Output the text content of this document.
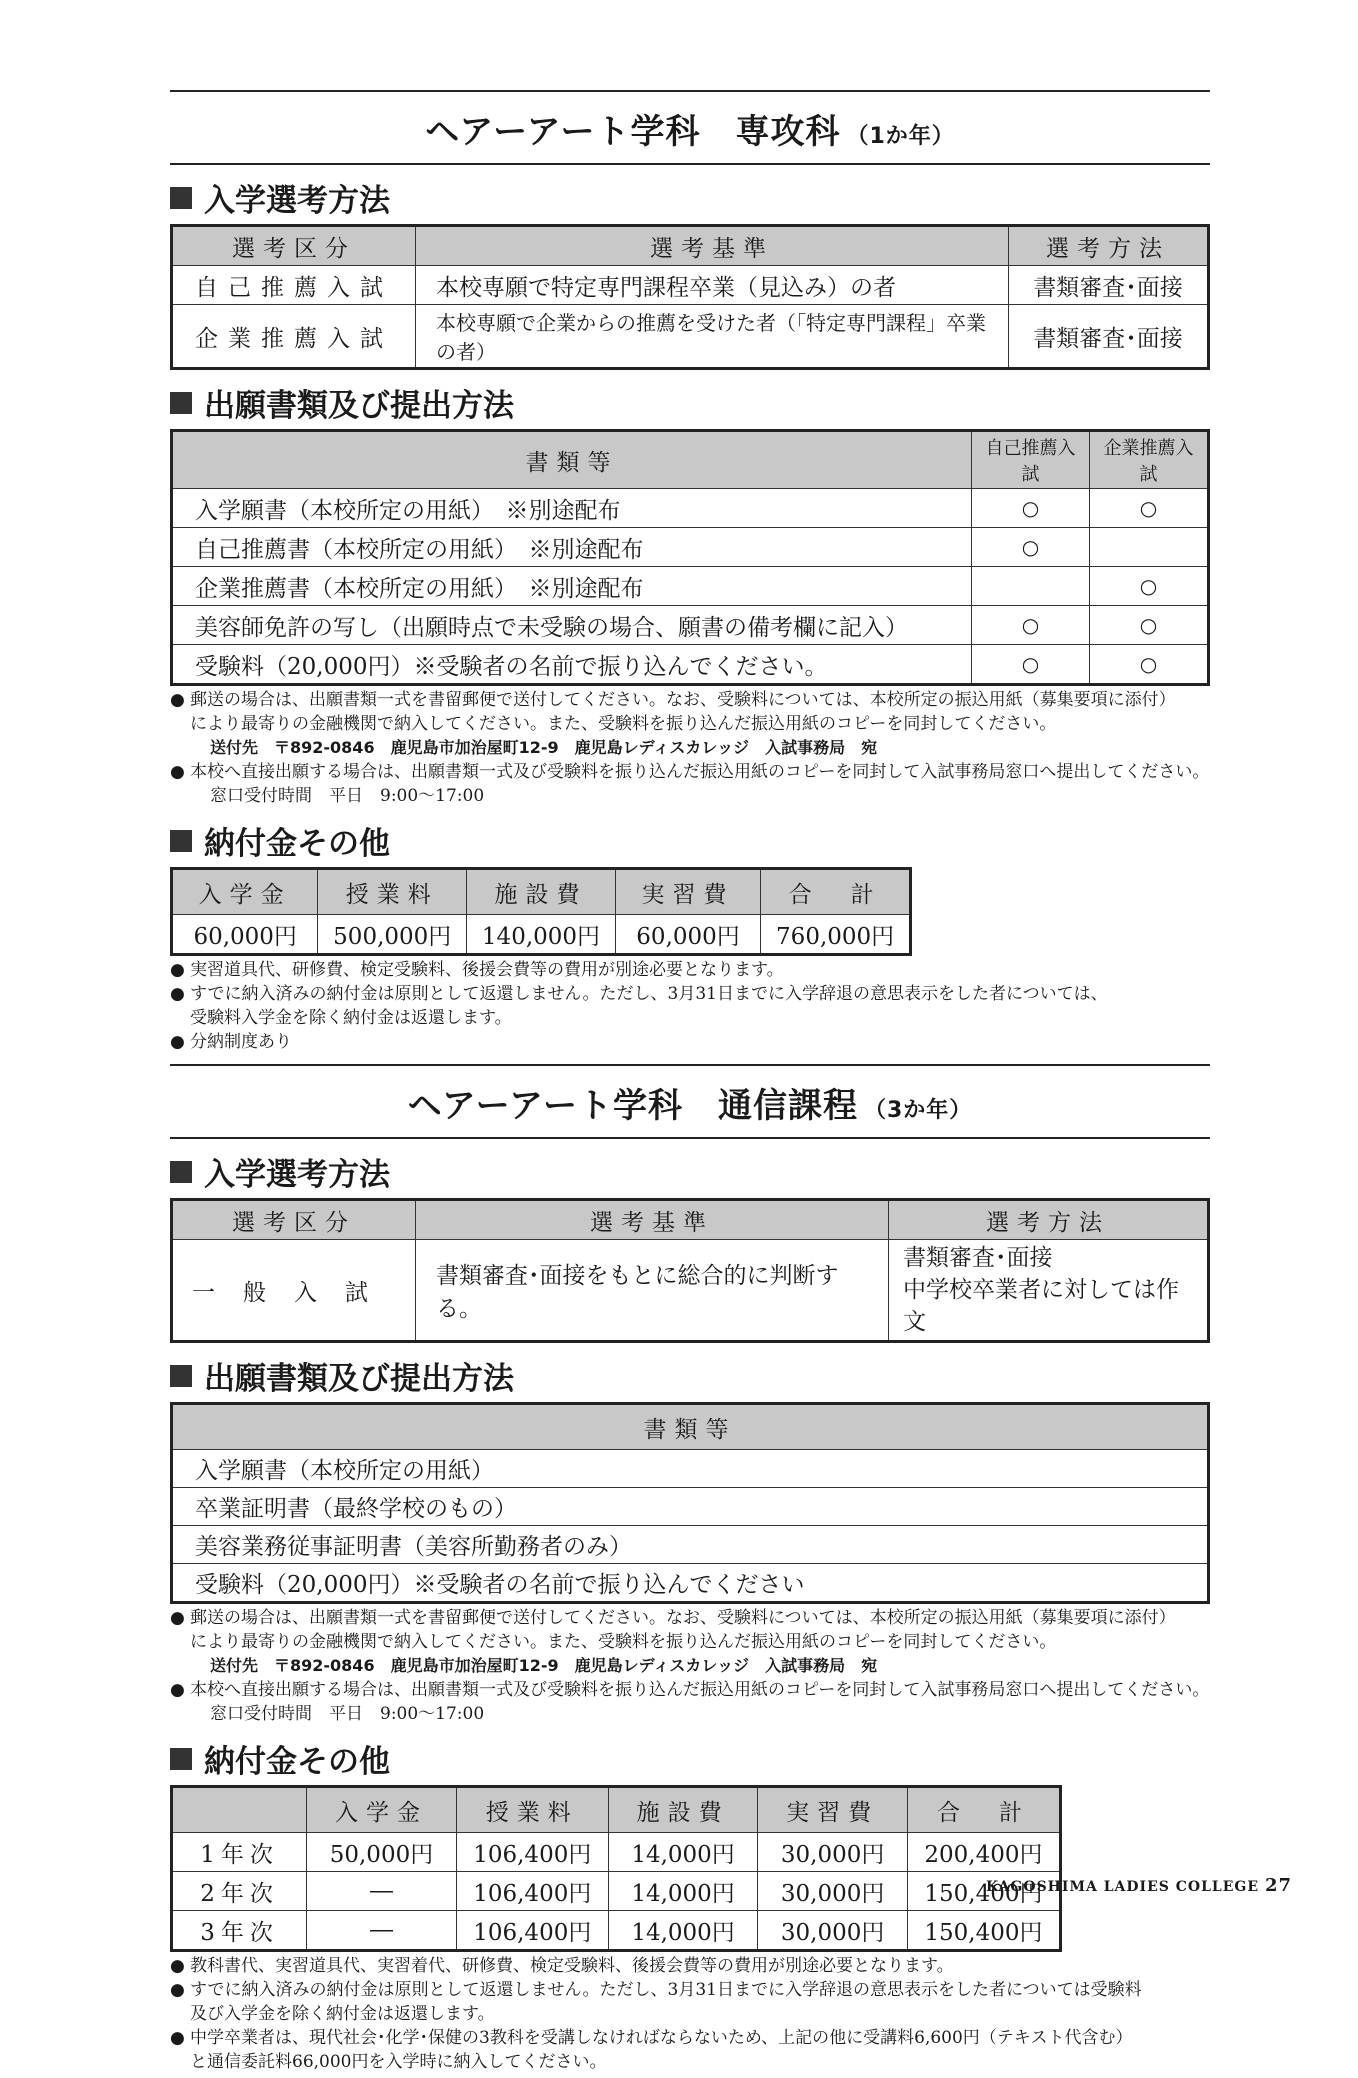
ヘアーアート学科　専攻科 （1か年）
入学選考方法
選考区分	選考基準	選考方法
自己推薦入試	本校専願で特定専門課程卒業（見込み）の者	書類審査･面接
企業推薦入試	本校専願で企業からの推薦を受けた者（「特定専門課程」卒業の者）	書類審査･面接
出願書類及び提出方法
書類等	自己推薦入試	企業推薦入試
入学願書（本校所定の用紙）　※別途配布	○	○
自己推薦書（本校所定の用紙）　※別途配布	○	
企業推薦書（本校所定の用紙）　※別途配布		○
美容師免許の写し（出願時点で未受験の場合、願書の備考欄に記入）	○	○
受験料（20,000円）※受験者の名前で振り込んでください。	○	○
● 郵送の場合は、出願書類一式を書留郵便で送付してください。なお、受験料については、本校所定の振込用紙（募集要項に添付）
により最寄りの金融機関で納入してください。また、受験料を振り込んだ振込用紙のコピーを同封してください。
送付先　〒892-0846　鹿児島市加治屋町12-9　鹿児島レディスカレッジ　入試事務局　宛
● 本校へ直接出願する場合は、出願書類一式及び受験料を振り込んだ振込用紙のコピーを同封して入試事務局窓口へ提出してください。
窓口受付時間　平日　9:00～17:00
納付金その他
入学金	授業料	施設費	実習費	合　計
60,000円	500,000円	140,000円	60,000円	760,000円
● 実習道具代、研修費、検定受験料、後援会費等の費用が別途必要となります。
● すでに納入済みの納付金は原則として返還しません。ただし、3月31日までに入学辞退の意思表示をした者については、
受験料入学金を除く納付金は返還します。
● 分納制度あり
ヘアーアート学科　通信課程 （3か年）
入学選考方法
選考区分	選考基準	選考方法
一般入試	書類審査･面接をもとに総合的に判断する。	書類審査･面接
中学校卒業者に対しては作文
出願書類及び提出方法
書類等
入学願書（本校所定の用紙）
卒業証明書（最終学校のもの）
美容業務従事証明書（美容所勤務者のみ）
受験料（20,000円）※受験者の名前で振り込んでください
● 郵送の場合は、出願書類一式を書留郵便で送付してください。なお、受験料については、本校所定の振込用紙（募集要項に添付）
により最寄りの金融機関で納入してください。また、受験料を振り込んだ振込用紙のコピーを同封してください。
送付先　〒892-0846　鹿児島市加治屋町12-9　鹿児島レディスカレッジ　入試事務局　宛
● 本校へ直接出願する場合は、出願書類一式及び受験料を振り込んだ振込用紙のコピーを同封して入試事務局窓口へ提出してください。
窓口受付時間　平日　9:00～17:00
納付金その他
	入学金	授業料	施設費	実習費	合　計
1年次	50,000円	106,400円	14,000円	30,000円	200,400円
2年次	―	106,400円	14,000円	30,000円	150,400円
3年次	―	106,400円	14,000円	30,000円	150,400円
● 教科書代、実習道具代、実習着代、研修費、検定受験料、後援会費等の費用が別途必要となります。
● すでに納入済みの納付金は原則として返還しません。ただし、3月31日までに入学辞退の意思表示をした者については受験料
及び入学金を除く納付金は返還します。
● 中学卒業者は、現代社会･化学･保健の3教科を受講しなければならないため、上記の他に受講料6,600円（テキスト代含む）
と通信委託料66,000円を入学時に納入してください。
KAGOSHIMA LADIES COLLEGE 27
